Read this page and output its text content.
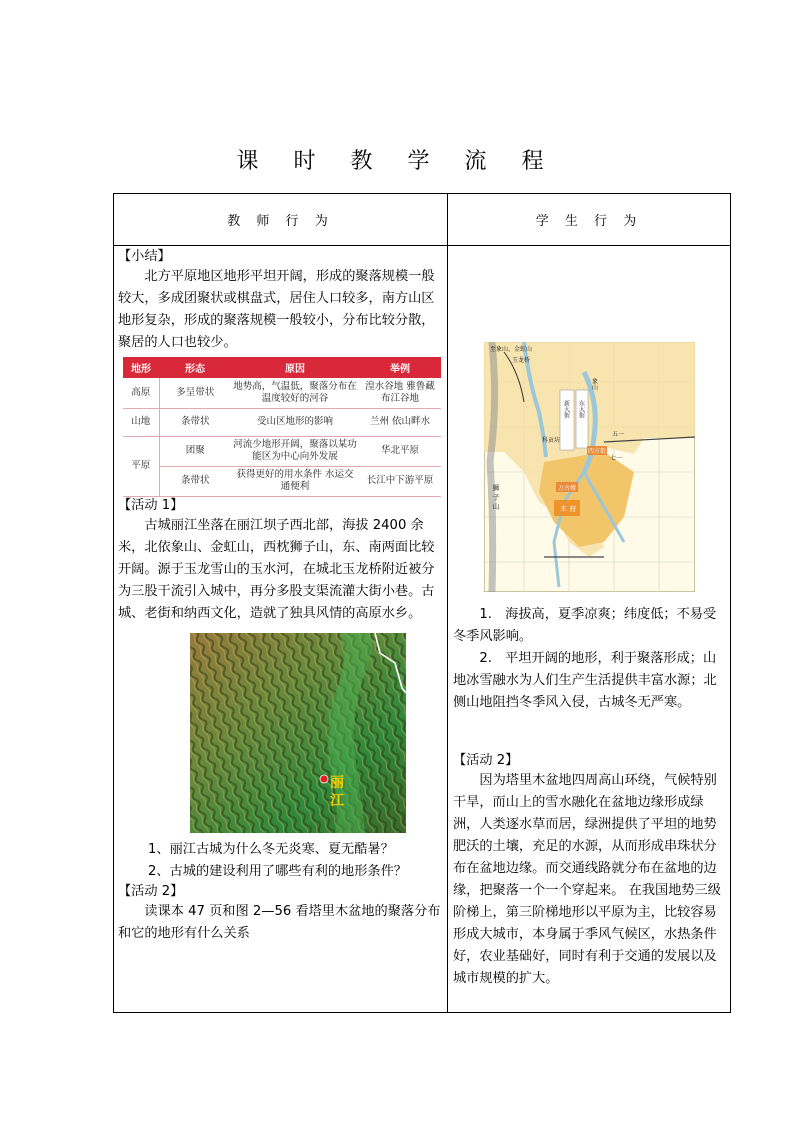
课 时 教 学 流 程
教 师 行 为	学 生 行 为

【小结】

北方平原地区地形平坦开阔，形成的聚落规模一般较大，多成团聚状或棋盘式，居住人口较多，南方山区地形复杂，形成的聚落规模一般较小，分布比较分散，聚居的人口也较少。

地形	形态	原因	举例
高原	多呈带状	地势高，气温低，聚落分布在温度较好的河谷	湟水谷地 雅鲁藏布江谷地
山地	条带状	受山区地形的影响	兰州 依山畔水
平原	团聚	河流少地形开阔，聚落以某功能区为中心向外发展	华北平原
条带状	获得更好的用水条件 水运交通便利	长江中下游平原
【活动 1】

古城丽江坐落在丽江坝子西北部，海拔 2400 余米，北依象山、金虹山，西枕狮子山，东、南两面比较开阔。源于玉龙雪山的玉水河，在城北玉龙桥附近被分为三股干流引入城中，再分多股支渠流灌大街小巷。古城、老街和纳西文化，造就了独具风情的高原水乡。

丽
江

1、丽江古城为什么冬无炎寒、夏无酷暑？

2、古城的建设利用了哪些有利的地形条件？

【活动 2】

读课本 47 页和图 2—56 看塔里木盆地的聚落分布和它的地形有什么关系

至象山、金虹山
玉龙桥
四方街
万古楼
木 府
科贡坊
五一
七一
狮 子 山
新大街 东大街
象山

1.　海拔高，夏季凉爽；纬度低；不易受冬季风影响。

2.　平坦开阔的地形，利于聚落形成；山地冰雪融水为人们生产生活提供丰富水源；北侧山地阻挡冬季风入侵，古城冬无严寒。

【活动 2】

因为塔里木盆地四周高山环绕，气候特别干旱，而山上的雪水融化在盆地边缘形成绿洲，人类逐水草而居，绿洲提供了平坦的地势肥沃的土壤，充足的水源，从而形成串珠状分布在盆地边缘。而交通线路就分布在盆地的边缘，把聚落一个一个穿起来。 在我国地势三级阶梯上，第三阶梯地形以平原为主，比较容易形成大城市，本身属于季风气候区，水热条件好，农业基础好，同时有利于交通的发展以及城市规模的扩大。
